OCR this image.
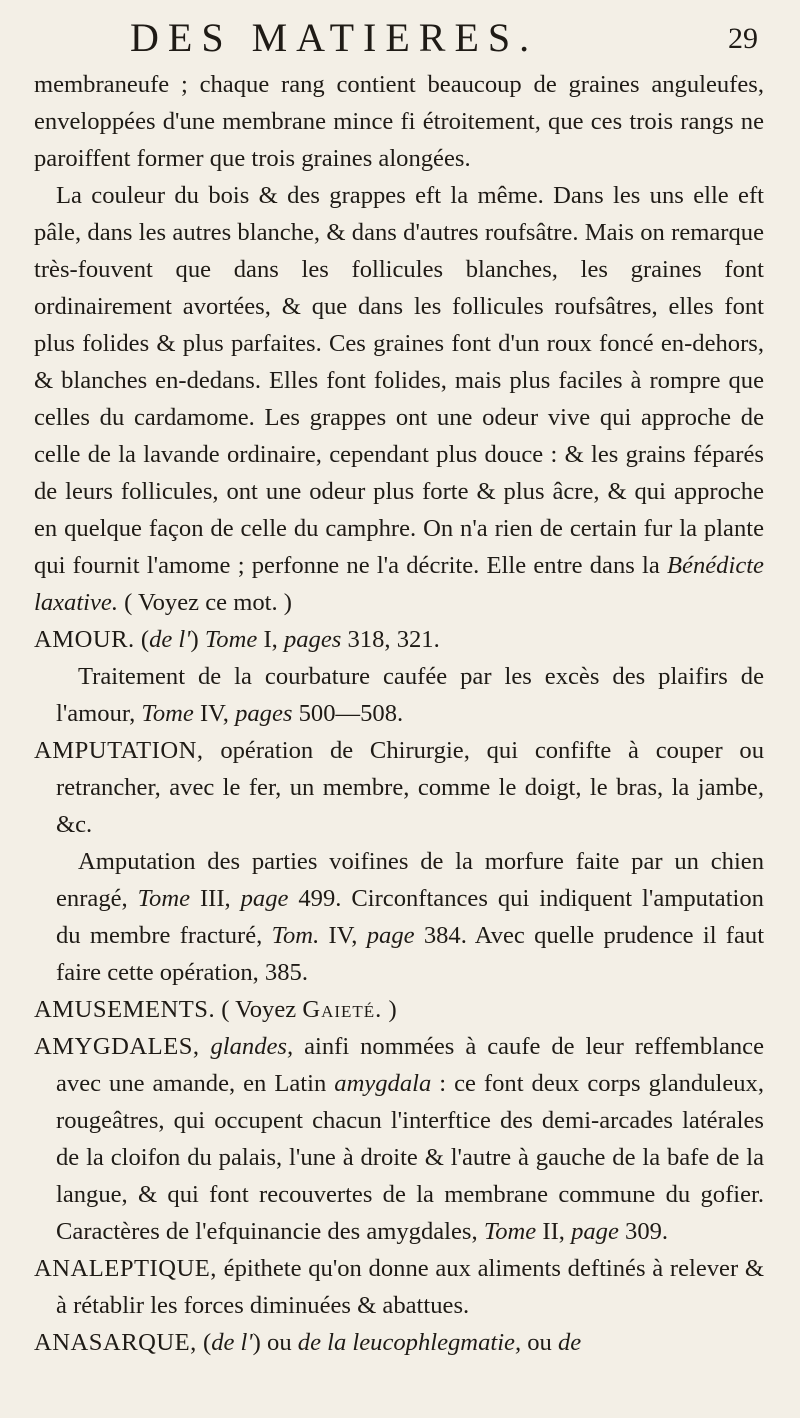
DES MATIERES.	29

membraneufe ; chaque rang contient beaucoup de graines anguleufes, enveloppées d'une membrane mince fi étroitement, que ces trois rangs ne paroiffent former que trois graines alongées.

La couleur du bois & des grappes eft la même. Dans les uns elle eft pâle, dans les autres blanche, & dans d'autres roufsâtre. Mais on remarque très-fouvent que dans les follicules blanches, les graines font ordinairement avortées, & que dans les follicules roufsâtres, elles font plus folides & plus parfaites. Ces graines font d'un roux foncé en-dehors, & blanches en-dedans. Elles font folides, mais plus faciles à rompre que celles du cardamome. Les grappes ont une odeur vive qui approche de celle de la lavande ordinaire, cependant plus douce : & les grains féparés de leurs follicules, ont une odeur plus forte & plus âcre, & qui approche en quelque façon de celle du camphre. On n'a rien de certain fur la plante qui fournit l'amome ; perfonne ne l'a décrite. Elle entre dans la Bénédicte laxative. ( Voyez ce mot. )

AMOUR. (de l') Tome I, pages 318, 321.

Traitement de la courbature caufée par les excès des plaifirs de l'amour, Tome IV, pages 500—508.

AMPUTATION, opération de Chirurgie, qui confifte à couper ou retrancher, avec le fer, un membre, comme le doigt, le bras, la jambe, &c.

Amputation des parties voifines de la morfure faite par un chien enragé, Tome III, page 499. Circonftances qui indiquent l'amputation du membre fracturé, Tom. IV, page 384. Avec quelle prudence il faut faire cette opération, 385.

AMUSEMENTS. ( Voyez Gaieté. )

AMYGDALES, glandes, ainfi nommées à caufe de leur reffemblance avec une amande, en Latin amygdala : ce font deux corps glanduleux, rougeâtres, qui occupent chacun l'interftice des demi-arcades latérales de la cloifon du palais, l'une à droite & l'autre à gauche de la bafe de la langue, & qui font recouvertes de la membrane commune du gofier. Caractères de l'efquinancie des amygdales, Tome II, page 309.

ANALEPTIQUE, épithete qu'on donne aux aliments deftinés à relever & à rétablir les forces diminuées & abattues.

ANASARQUE, (de l') ou de la leucophlegmatie, ou de
